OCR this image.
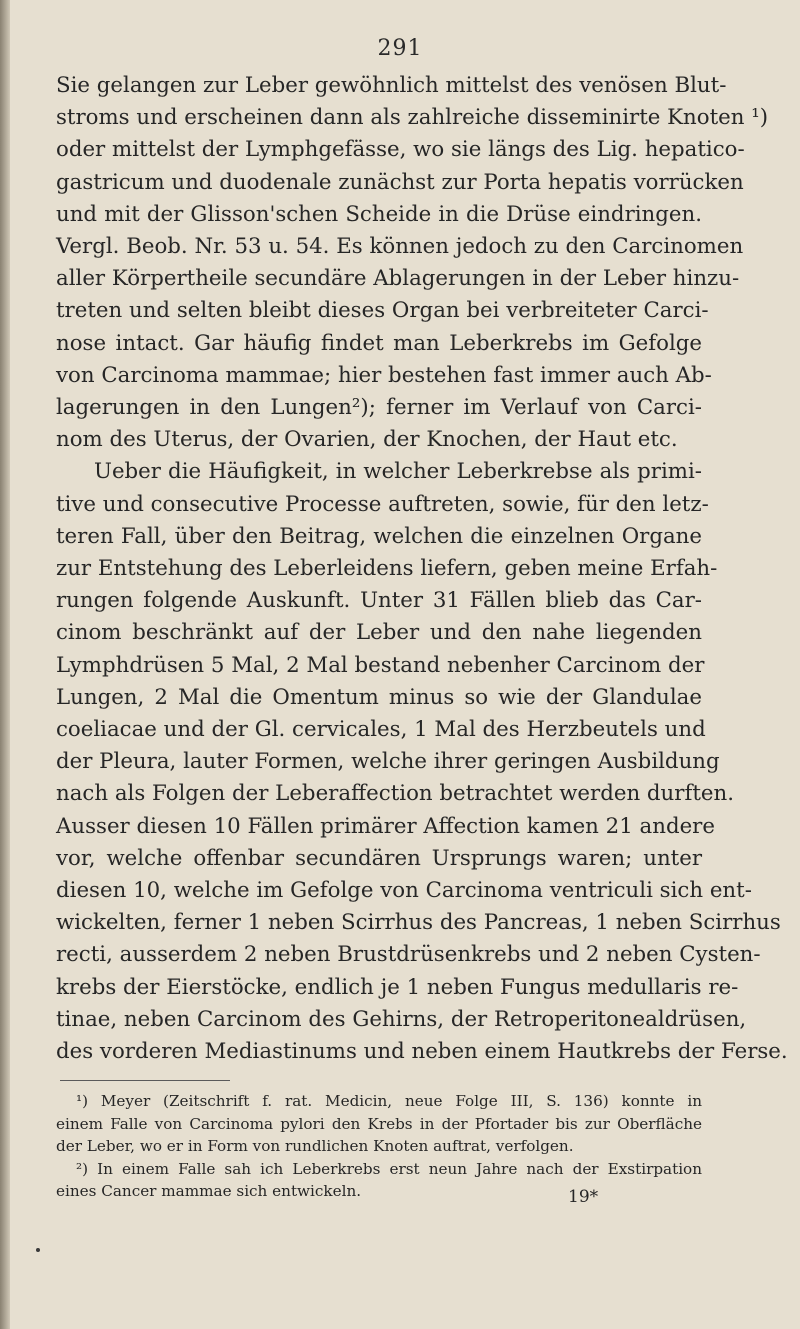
291
Sie gelangen zur Leber gewöhnlich mittelst des venösen Blut-
stroms und erscheinen dann als zahlreiche disseminirte Knoten ¹)
oder mittelst der Lymphgefässe, wo sie längs des Lig. hepatico-
gastricum und duodenale zunächst zur Porta hepatis vorrücken
und mit der Glisson'schen Scheide in die Drüse eindringen.
Vergl. Beob. Nr. 53 u. 54. Es können jedoch zu den Carcinomen
aller Körpertheile secundäre Ablagerungen in der Leber hinzu-
treten und selten bleibt dieses Organ bei verbreiteter Carci-
nose intact. Gar häufig findet man Leberkrebs im Gefolge
von Carcinoma mammae; hier bestehen fast immer auch Ab-
lagerungen in den Lungen²); ferner im Verlauf von Carci-
nom des Uterus, der Ovarien, der Knochen, der Haut etc.
Ueber die Häufigkeit, in welcher Leberkrebse als primi-
tive und consecutive Processe auftreten, sowie, für den letz-
teren Fall, über den Beitrag, welchen die einzelnen Organe
zur Entstehung des Leberleidens liefern, geben meine Erfah-
rungen folgende Auskunft. Unter 31 Fällen blieb das Car-
cinom beschränkt auf der Leber und den nahe liegenden
Lymphdrüsen 5 Mal, 2 Mal bestand nebenher Carcinom der
Lungen, 2 Mal die Omentum minus so wie der Glandulae
coeliacae und der Gl. cervicales, 1 Mal des Herzbeutels und
der Pleura, lauter Formen, welche ihrer geringen Ausbildung
nach als Folgen der Leberaffection betrachtet werden durften.
Ausser diesen 10 Fällen primärer Affection kamen 21 andere
vor, welche offenbar secundären Ursprungs waren; unter
diesen 10, welche im Gefolge von Carcinoma ventriculi sich ent-
wickelten, ferner 1 neben Scirrhus des Pancreas, 1 neben Scirrhus
recti, ausserdem 2 neben Brustdrüsenkrebs und 2 neben Cysten-
krebs der Eierstöcke, endlich je 1 neben Fungus medullaris re-
tinae, neben Carcinom des Gehirns, der Retroperitonealdrüsen,
des vorderen Mediastinums und neben einem Hautkrebs der Ferse.
¹) Meyer (Zeitschrift f. rat. Medicin, neue Folge III, S. 136) konnte in
einem Falle von Carcinoma pylori den Krebs in der Pfortader bis zur Oberfläche
der Leber, wo er in Form von rundlichen Knoten auftrat, verfolgen.
²) In einem Falle sah ich Leberkrebs erst neun Jahre nach der Exstirpation
eines Cancer mammae sich entwickeln.	19*
